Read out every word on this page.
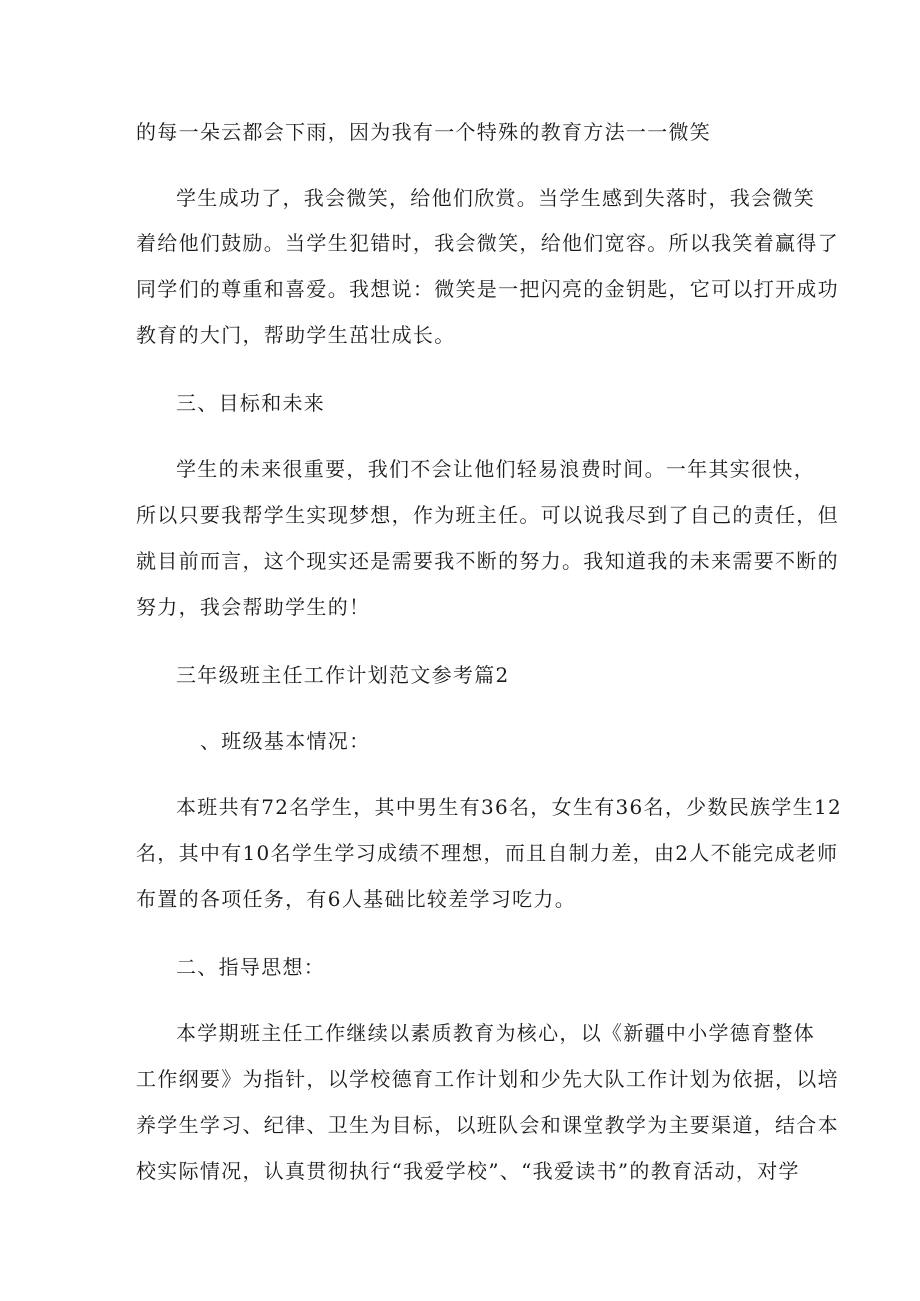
的每一朵云都会下雨，因为我有一个特殊的教育方法一一微笑
学生成功了，我会微笑，给他们欣赏。当学生感到失落时，我会微笑
着给他们鼓励。当学生犯错时，我会微笑，给他们宽容。所以我笑着赢得了
同学们的尊重和喜爱。我想说：微笑是一把闪亮的金钥匙，它可以打开成功
教育的大门，帮助学生茁壮成长。
三、目标和未来
学生的未来很重要，我们不会让他们轻易浪费时间。一年其实很快，
所以只要我帮学生实现梦想，作为班主任。可以说我尽到了自己的责任，但
就目前而言，这个现实还是需要我不断的努力。我知道我的未来需要不断的
努力，我会帮助学生的！
三年级班主任工作计划范文参考篇2
、班级基本情况：
本班共有72名学生，其中男生有36名，女生有36名，少数民族学生12
名，其中有10名学生学习成绩不理想，而且自制力差，由2人不能完成老师
布置的各项任务，有6人基础比较差学习吃力。
二、指导思想：
本学期班主任工作继续以素质教育为核心，以《新疆中小学德育整体
工作纲要》为指针，以学校德育工作计划和少先大队工作计划为依据，以培
养学生学习、纪律、卫生为目标，以班队会和课堂教学为主要渠道，结合本
校实际情况，认真贯彻执行“我爱学校”、“我爱读书”的教育活动，对学
